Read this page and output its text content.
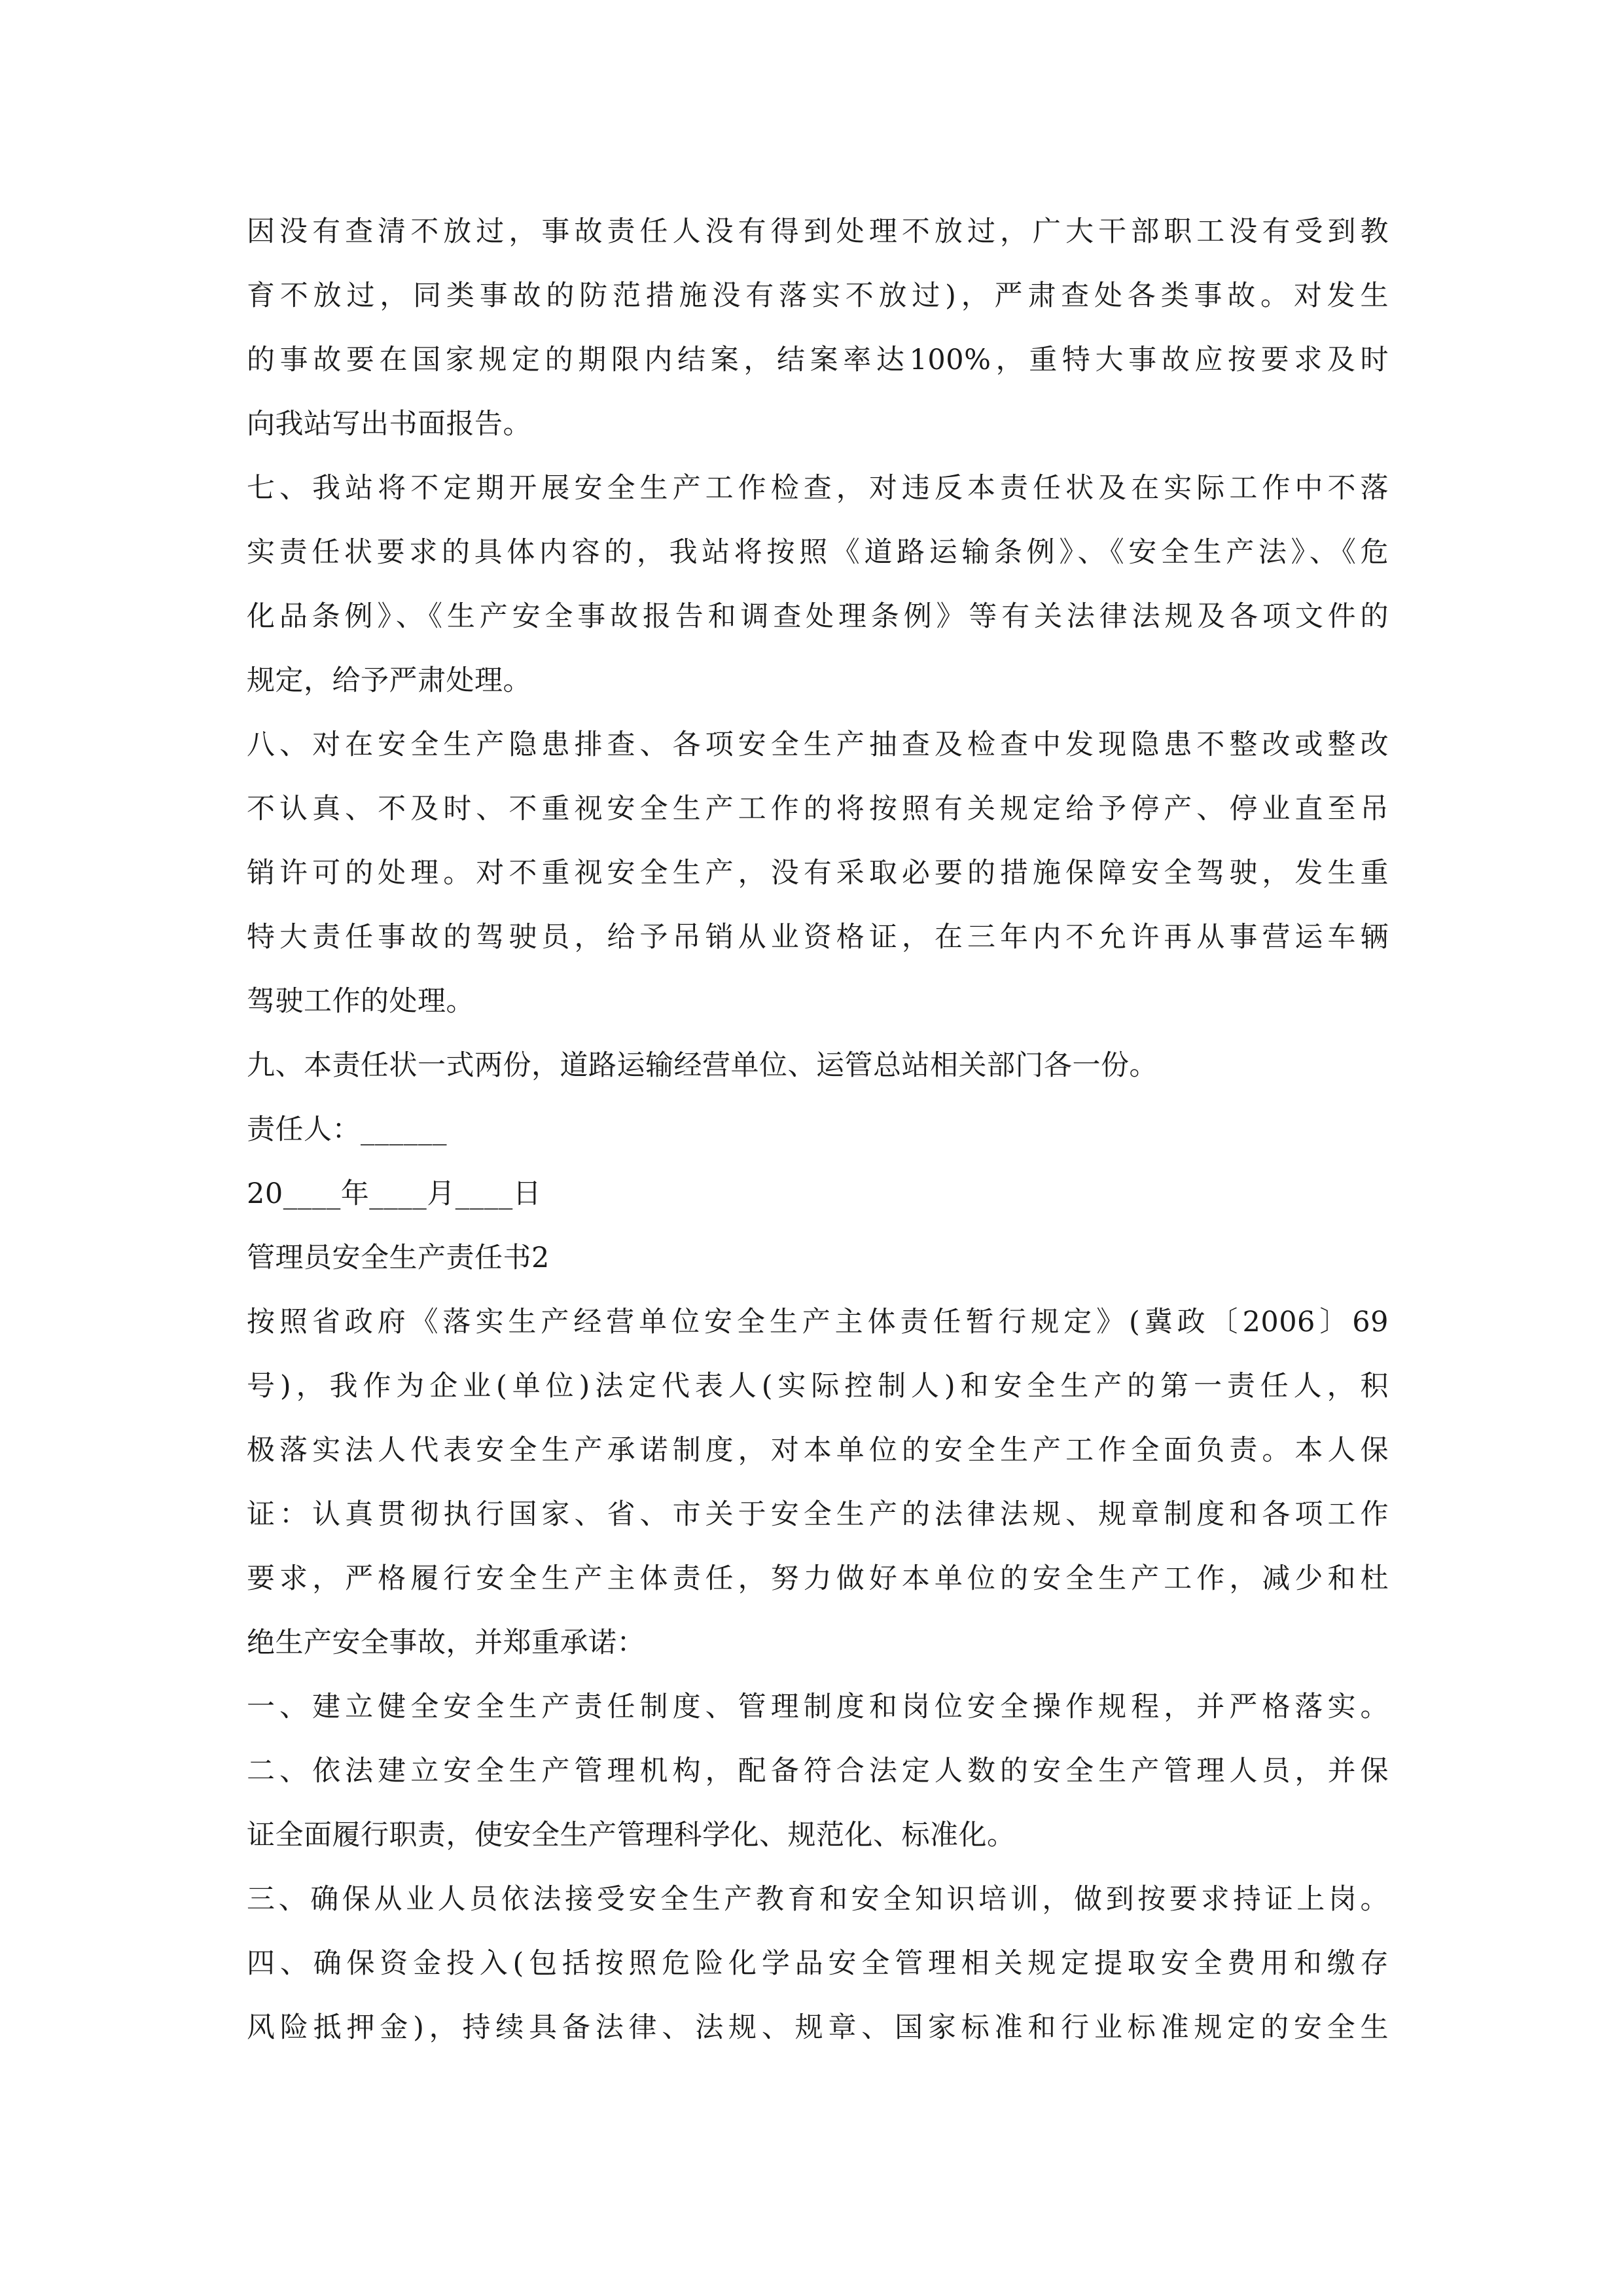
因没有查清不放过，事故责任人没有得到处理不放过，广大干部职工没有受到教
育不放过，同类事故的防范措施没有落实不放过)，严肃查处各类事故。对发生
的事故要在国家规定的期限内结案，结案率达100%，重特大事故应按要求及时
向我站写出书面报告。
七、我站将不定期开展安全生产工作检查，对违反本责任状及在实际工作中不落
实责任状要求的具体内容的，我站将按照《道路运输条例》、《安全生产法》、《危
化品条例》、《生产安全事故报告和调查处理条例》等有关法律法规及各项文件的
规定，给予严肃处理。
八、对在安全生产隐患排查、各项安全生产抽查及检查中发现隐患不整改或整改
不认真、不及时、不重视安全生产工作的将按照有关规定给予停产、停业直至吊
销许可的处理。对不重视安全生产，没有采取必要的措施保障安全驾驶，发生重
特大责任事故的驾驶员，给予吊销从业资格证，在三年内不允许再从事营运车辆
驾驶工作的处理。
九、本责任状一式两份，道路运输经营单位、运管总站相关部门各一份。
责任人：______
20____年____月____日
管理员安全生产责任书2
按照省政府《落实生产经营单位安全生产主体责任暂行规定》(冀政〔2006〕69
号)，我作为企业(单位)法定代表人(实际控制人)和安全生产的第一责任人，积
极落实法人代表安全生产承诺制度，对本单位的安全生产工作全面负责。本人保
证：认真贯彻执行国家、省、市关于安全生产的法律法规、规章制度和各项工作
要求，严格履行安全生产主体责任，努力做好本单位的安全生产工作，减少和杜
绝生产安全事故，并郑重承诺：
一、建立健全安全生产责任制度、管理制度和岗位安全操作规程，并严格落实。
二、依法建立安全生产管理机构，配备符合法定人数的安全生产管理人员，并保
证全面履行职责，使安全生产管理科学化、规范化、标准化。
三、确保从业人员依法接受安全生产教育和安全知识培训，做到按要求持证上岗。
四、确保资金投入(包括按照危险化学品安全管理相关规定提取安全费用和缴存
风险抵押金)，持续具备法律、法规、规章、国家标准和行业标准规定的安全生
